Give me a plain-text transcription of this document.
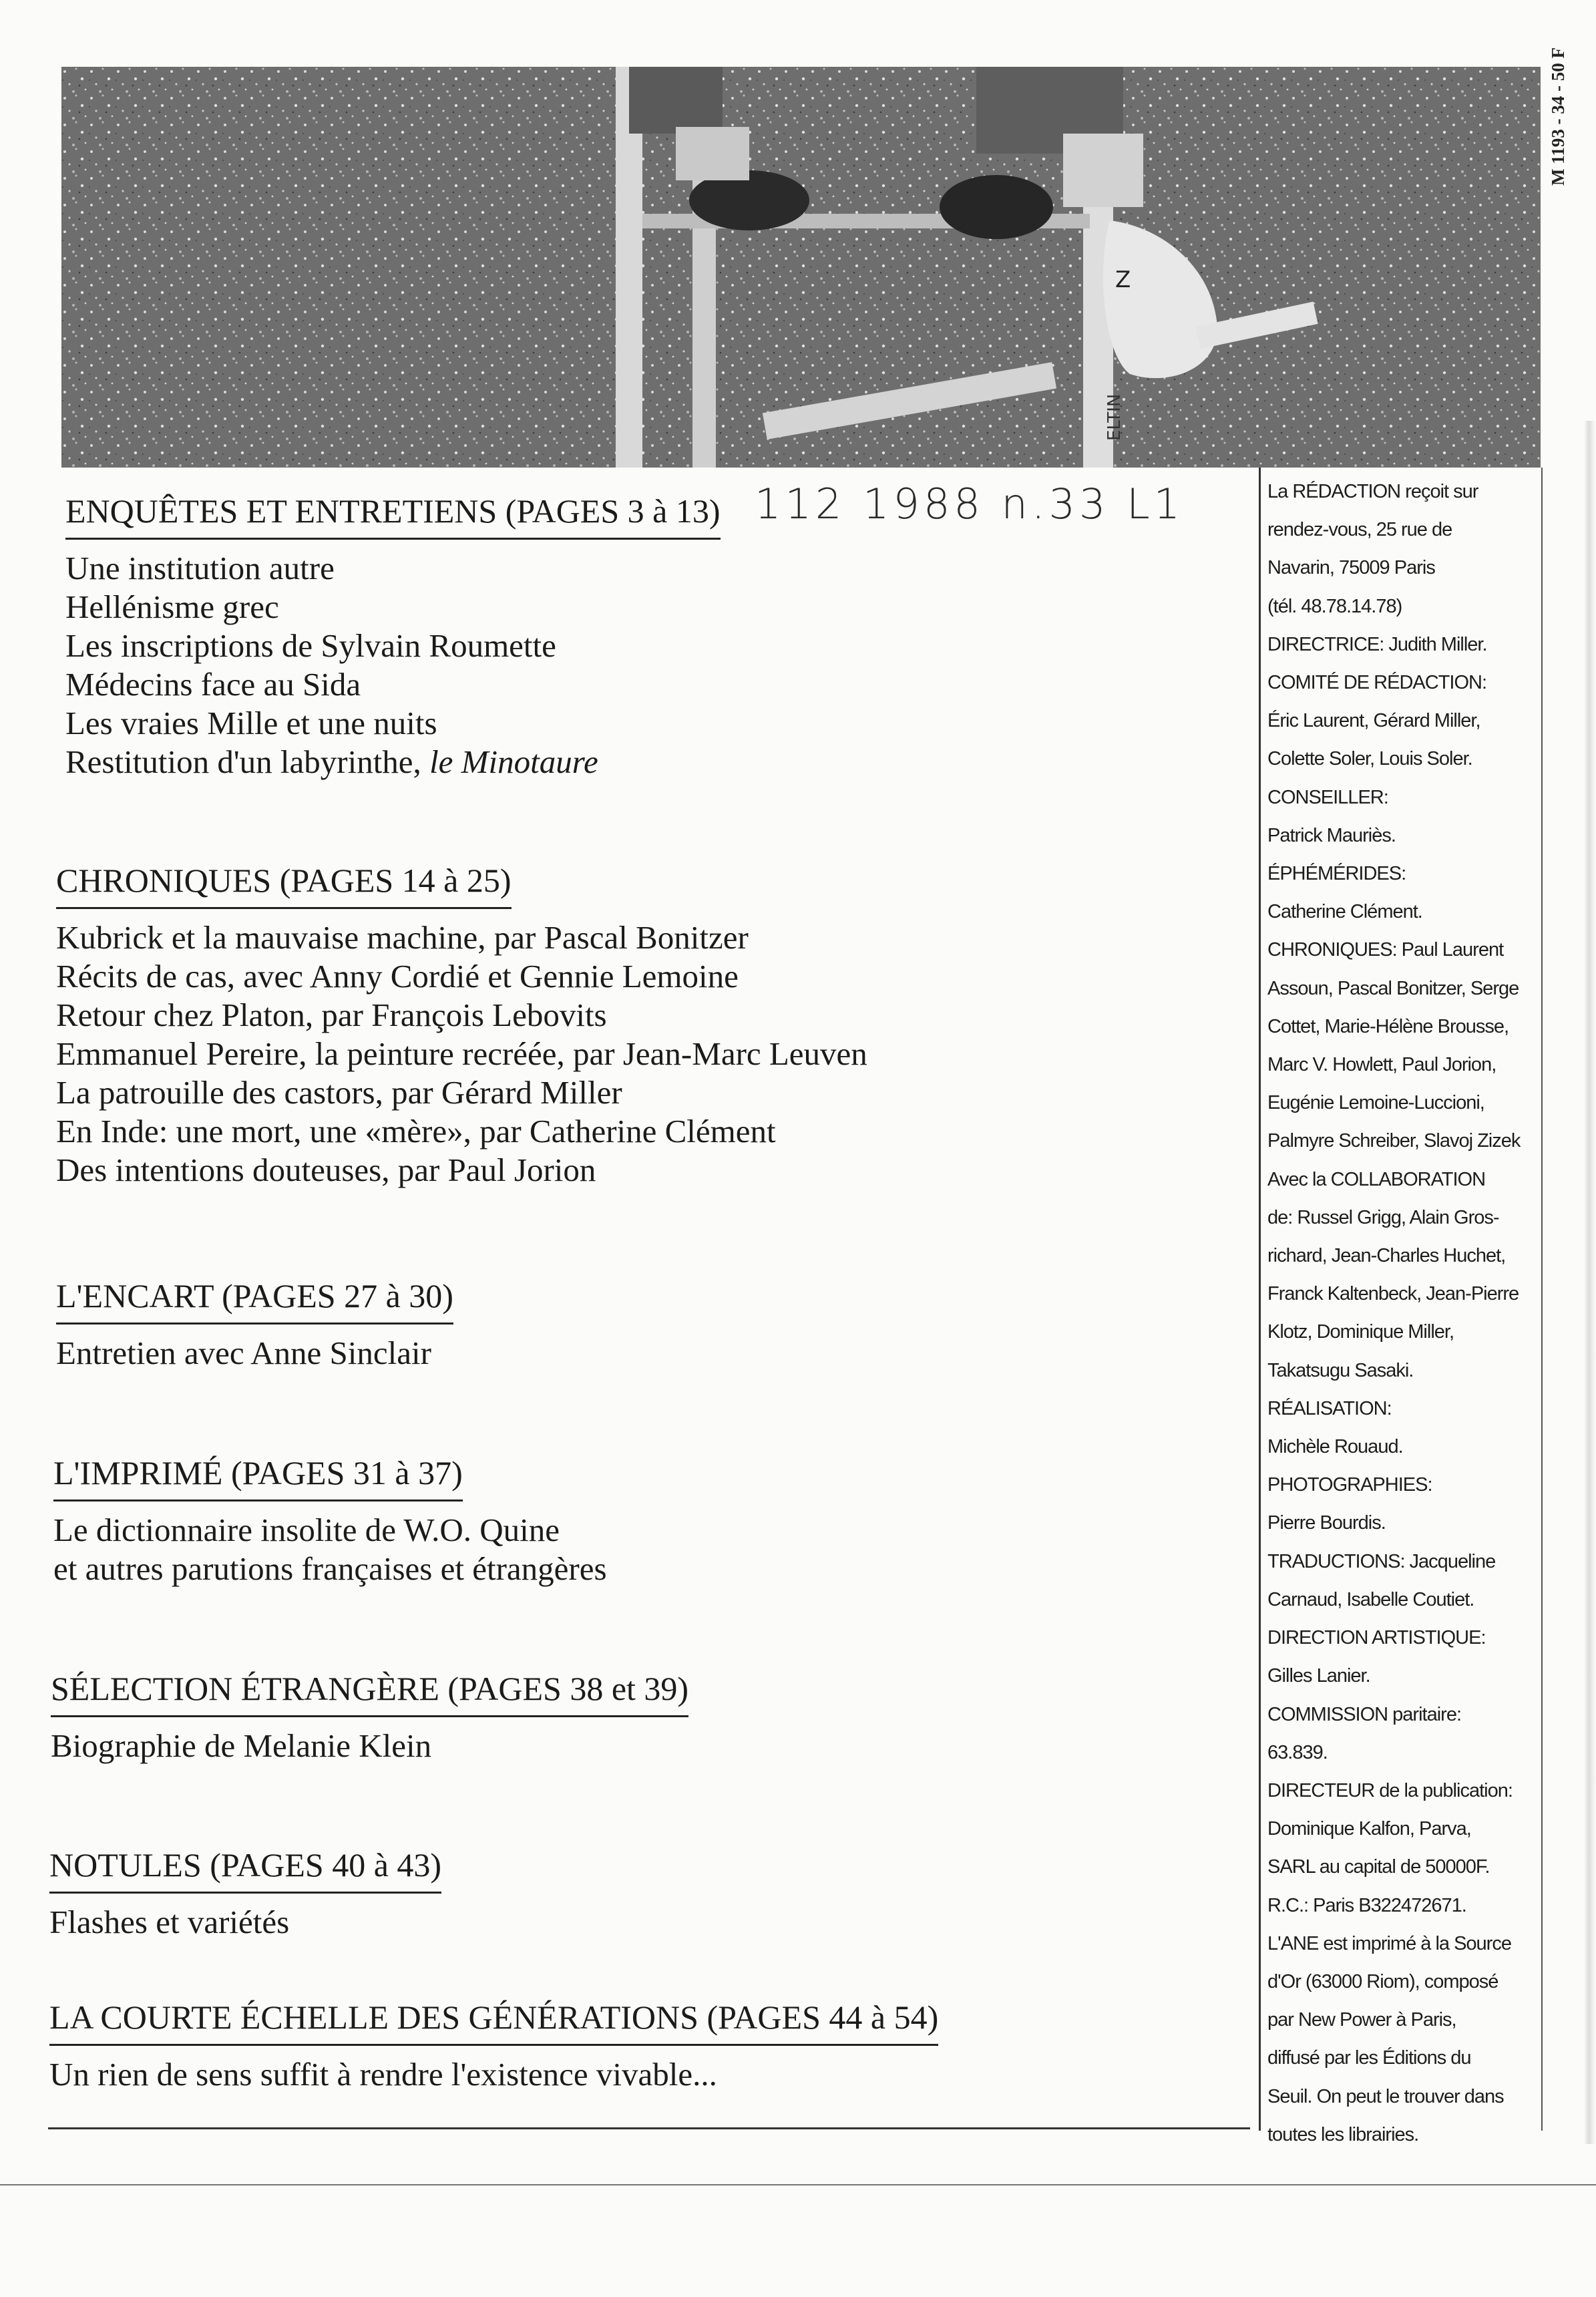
Z
ELTIN
M 1193 - 34 - 50 F
112 1988 n.33 L1
ENQUÊTES ET ENTRETIENS (PAGES 3 à 13)
Une institution autre
Hellénisme grec
Les inscriptions de Sylvain Roumette
Médecins face au Sida
Les vraies Mille et une nuits
Restitution d'un labyrinthe, le Minotaure
CHRONIQUES (PAGES 14 à 25)
Kubrick et la mauvaise machine, par Pascal Bonitzer
Récits de cas, avec Anny Cordié et Gennie Lemoine
Retour chez Platon, par François Lebovits
Emmanuel Pereire, la peinture recréée, par Jean-Marc Leuven
La patrouille des castors, par Gérard Miller
En Inde: une mort, une «mère», par Catherine Clément
Des intentions douteuses, par Paul Jorion
L'ENCART (PAGES 27 à 30)
Entretien avec Anne Sinclair
L'IMPRIMÉ (PAGES 31 à 37)
Le dictionnaire insolite de W.O. Quine
et autres parutions françaises et étrangères
SÉLECTION ÉTRANGÈRE (PAGES 38 et 39)
Biographie de Melanie Klein
NOTULES (PAGES 40 à 43)
Flashes et variétés
LA COURTE ÉCHELLE DES GÉNÉRATIONS (PAGES 44 à 54)
Un rien de sens suffit à rendre l'existence vivable...

La RÉDACTION reçoit sur

rendez-vous, 25 rue de

Navarin, 75009 Paris

(tél. 48.78.14.78)

DIRECTRICE: Judith Miller.

COMITÉ DE RÉDACTION:

Éric Laurent, Gérard Miller,

Colette Soler, Louis Soler.

CONSEILLER:

Patrick Mauriès.

ÉPHÉMÉRIDES:

Catherine Clément.

CHRONIQUES: Paul Laurent

Assoun, Pascal Bonitzer, Serge

Cottet, Marie-Hélène Brousse,

Marc V. Howlett, Paul Jorion,

Eugénie Lemoine-Luccioni,

Palmyre Schreiber, Slavoj Zizek

Avec la COLLABORATION

de: Russel Grigg, Alain Gros-

richard, Jean-Charles Huchet,

Franck Kaltenbeck, Jean-Pierre

Klotz, Dominique Miller,

Takatsugu Sasaki.

RÉALISATION:

Michèle Rouaud.

PHOTOGRAPHIES:

Pierre Bourdis.

TRADUCTIONS: Jacqueline

Carnaud, Isabelle Coutiet.

DIRECTION ARTISTIQUE:

Gilles Lanier.

COMMISSION paritaire:

63.839.

DIRECTEUR de la publication:

Dominique Kalfon, Parva,

SARL au capital de 50000F.

R.C.: Paris B322472671.

L'ANE est imprimé à la Source

d'Or (63000 Riom), composé

par New Power à Paris,

diffusé par les Éditions du

Seuil. On peut le trouver dans

toutes les librairies.
